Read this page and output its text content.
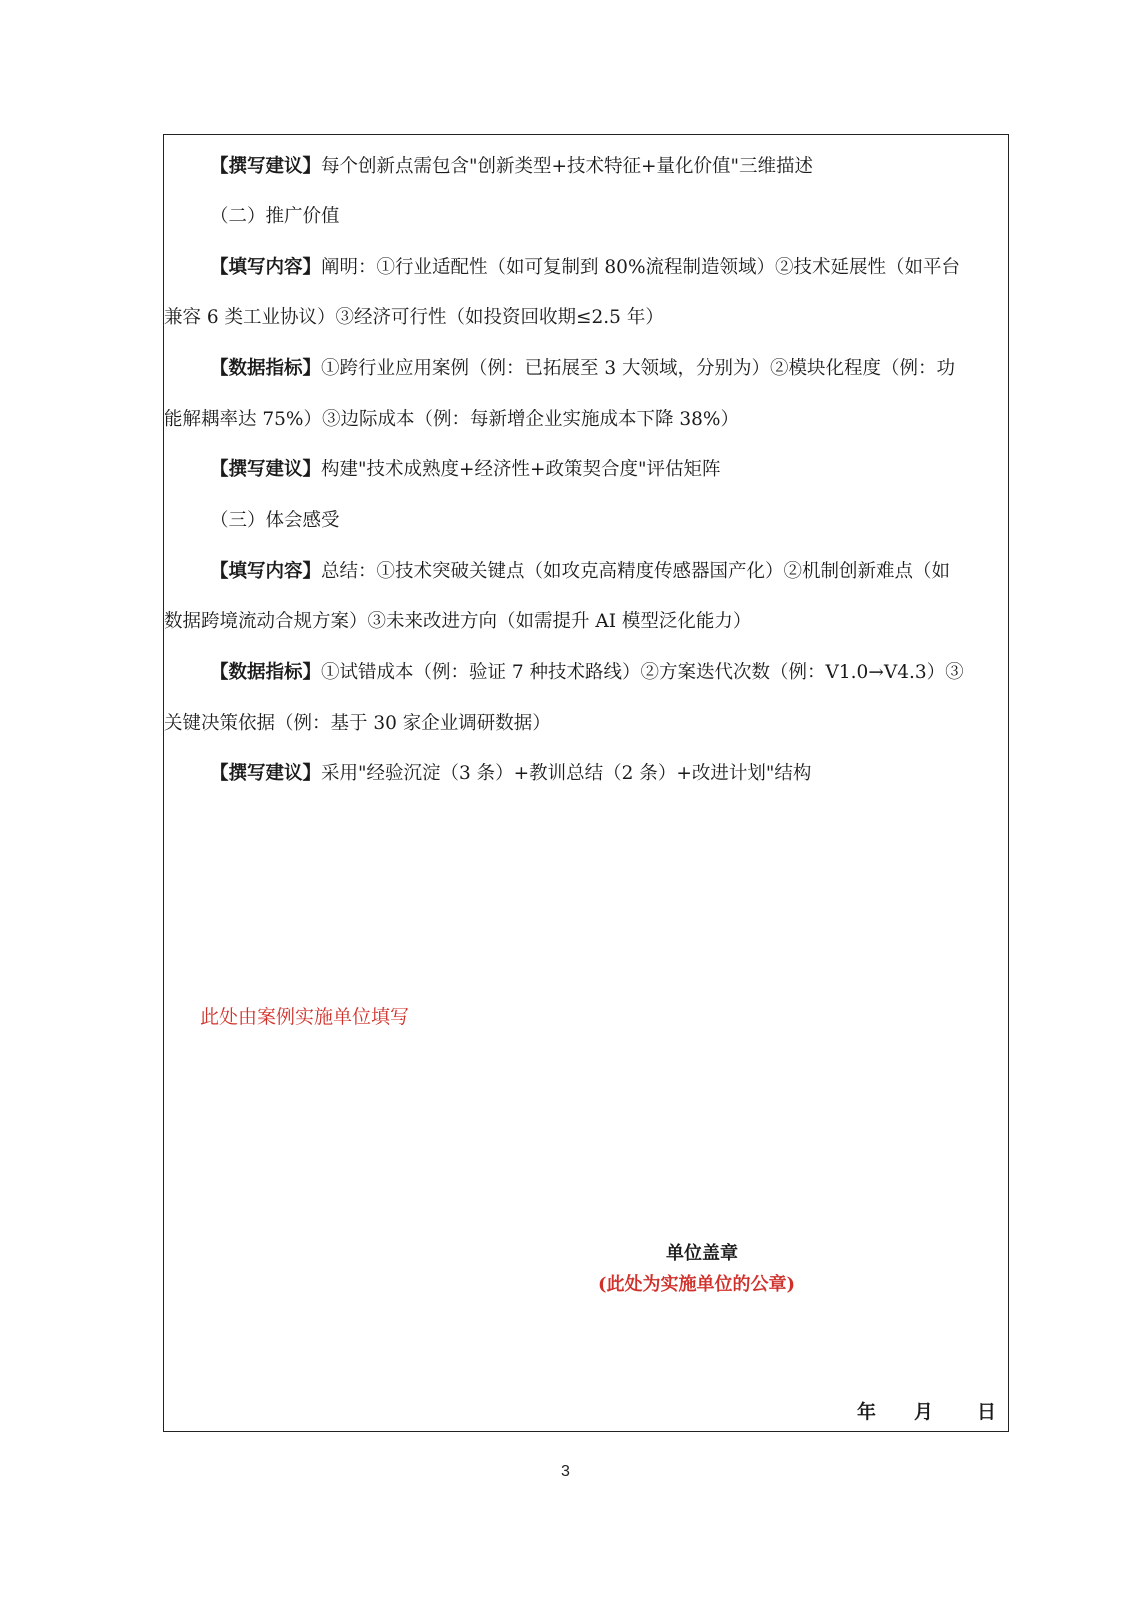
【撰写建议】每个创新点需包含"创新类型+技术特征+量化价值"三维描述
（二）推广价值
【填写内容】阐明：①行业适配性（如可复制到 80%流程制造领域）②技术延展性（如平台
兼容 6 类工业协议）③经济可行性（如投资回收期≤2.5 年）
【数据指标】①跨行业应用案例（例：已拓展至 3 大领域，分别为）②模块化程度（例：功
能解耦率达 75%）③边际成本（例：每新增企业实施成本下降 38%）
【撰写建议】构建"技术成熟度+经济性+政策契合度"评估矩阵
（三）体会感受
【填写内容】总结：①技术突破关键点（如攻克高精度传感器国产化）②机制创新难点（如
数据跨境流动合规方案）③未来改进方向（如需提升 AI 模型泛化能力）
【数据指标】①试错成本（例：验证 7 种技术路线）②方案迭代次数（例：V1.0→V4.3）③
关键决策依据（例：基于 30 家企业调研数据）
【撰写建议】采用"经验沉淀（3 条）+教训总结（2 条）+改进计划"结构
此处由案例实施单位填写
单位盖章
(此处为实施单位的公章)
年 月 日
3
